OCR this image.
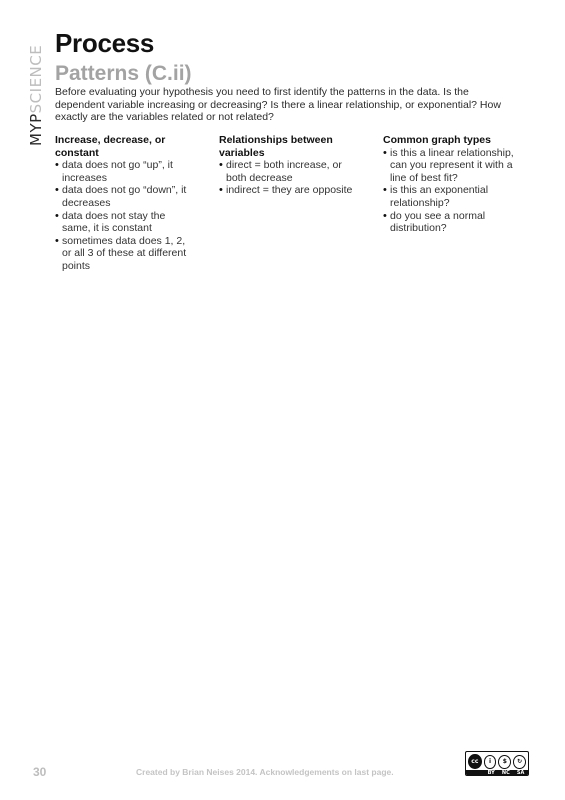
MYPSCIENCE
Process
Patterns (C.ii)
Before evaluating your hypothesis you need to first identify the patterns in the data. Is the dependent variable increasing or decreasing? Is there a linear relationship, or exponential? How exactly are the variables related or not related?
Increase, decrease, or constant
• data does not go “up”, it increases
• data does not go “down”, it decreases
• data does not stay the same, it is constant
• sometimes data does 1, 2, or all 3 of these at different points
Relationships between variables
• direct = both increase, or both decrease
• indirect = they are opposite
Common graph types
• is this a linear relationship, can you represent it with a line of best fit?
• is this an exponential relationship?
• do you see a normal distribution?
30	Created by Brian Neises 2014. Acknowledgements on last page.
cc	i	$	↻
BY NC SA
